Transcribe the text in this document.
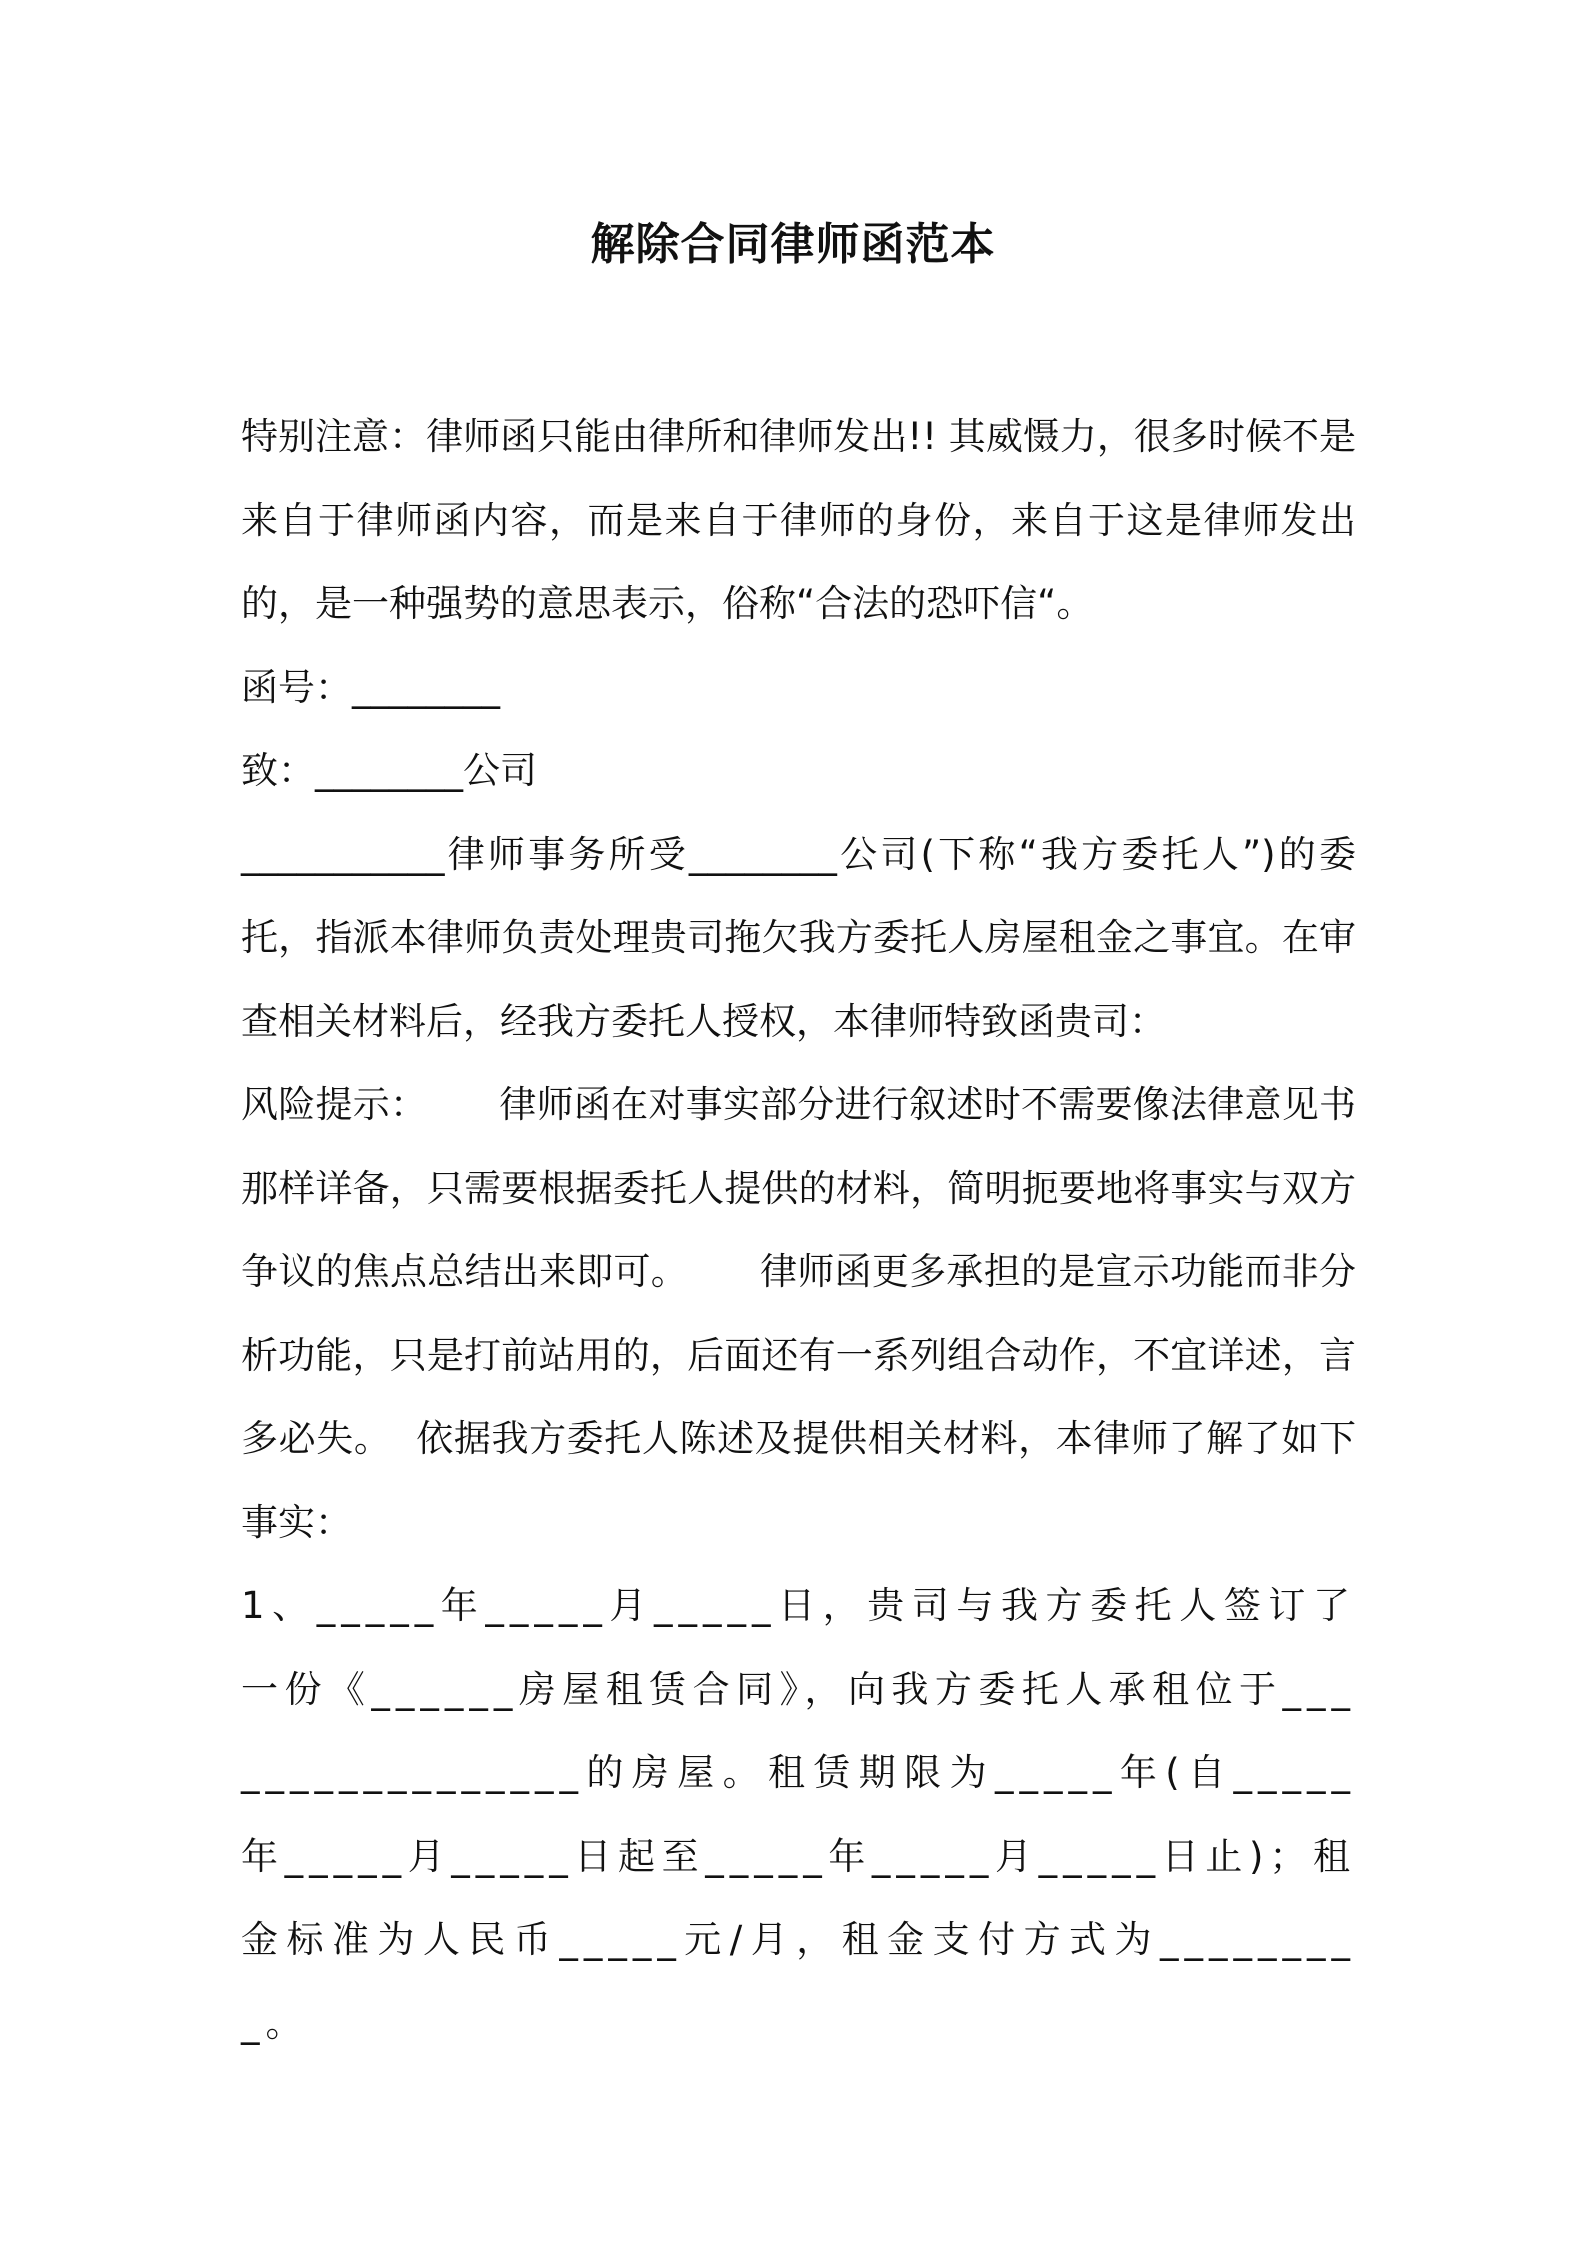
解除合同律师函范本

特别注意：律师函只能由律所和律师发出!! 其威慑力，很多时候不是来自于律师函内容，而是来自于律师的身份，来自于这是律师发出的，是一种强势的意思表示，俗称“合法的恐吓信“。

函号：________

致：________公司

___________律师事务所受________公司(下称“我方委托人”)的委托，指派本律师负责处理贵司拖欠我方委托人房屋租金之事宜。在审查相关材料后，经我方委托人授权，本律师特致函贵司：

风险提示：      律师函在对事实部分进行叙述时不需要像法律意见书那样详备，只需要根据委托人提供的材料，简明扼要地将事实与双方争议的焦点总结出来即可。      律师函更多承担的是宣示功能而非分析功能，只是打前站用的，后面还有一系列组合动作，不宜详述，言多必失。  依据我方委托人陈述及提供相关材料，本律师了解了如下事实：

1、_____年_____月_____日，贵司与我方委托人签订了一份《______房屋租赁合同》，向我方委托人承租位于_________________的房屋。租赁期限为_____年(自_____年_____月_____日起至_____年_____月_____日止)；租金标准为人民币_____元/月，租金支付方式为_________。
